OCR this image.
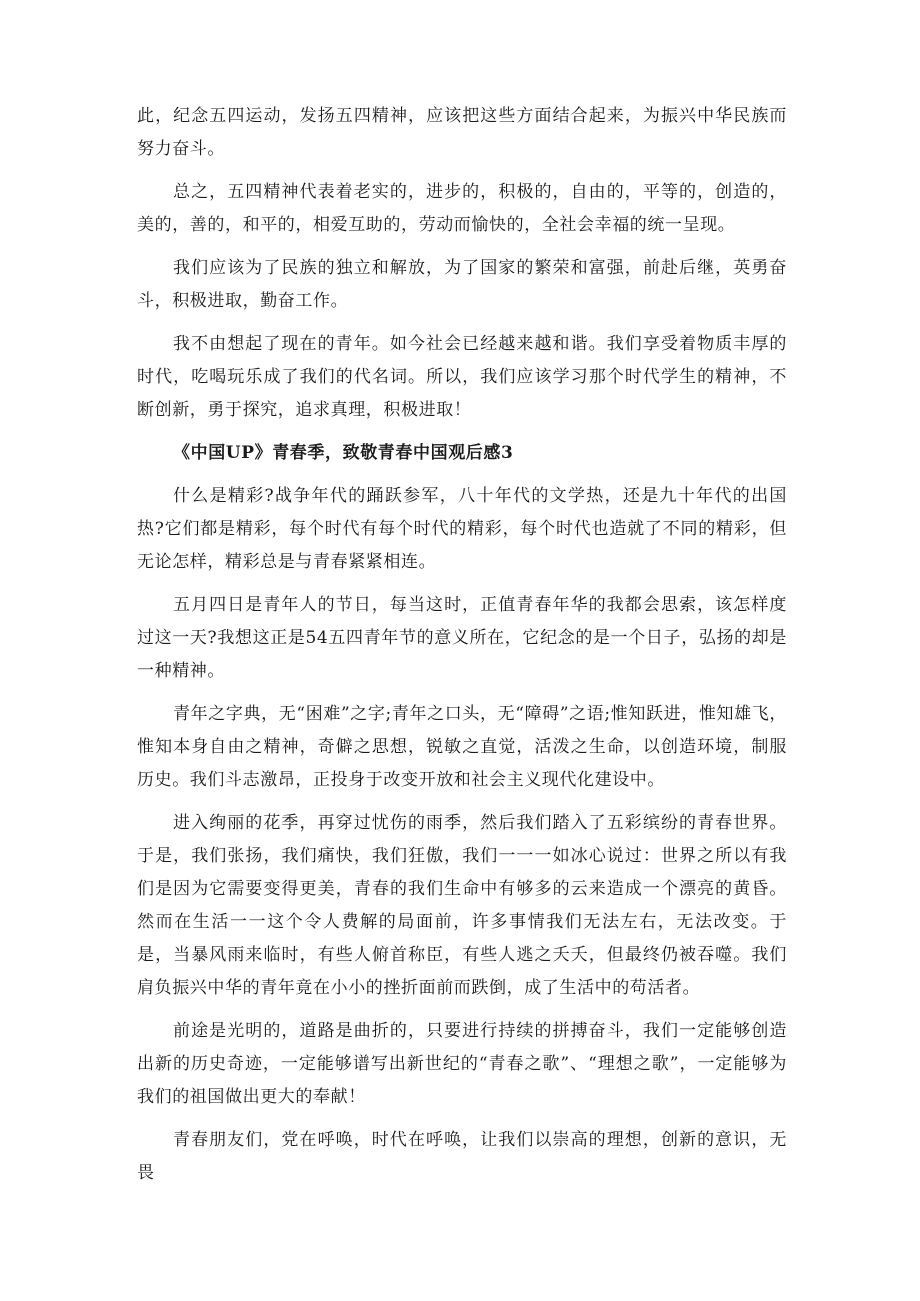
此，纪念五四运动，发扬五四精神，应该把这些方面结合起来，为振兴中华民族而努力奋斗。

总之，五四精神代表着老实的，进步的，积极的，自由的，平等的，创造的，美的，善的，和平的，相爱互助的，劳动而愉快的，全社会幸福的统一呈现。

我们应该为了民族的独立和解放，为了国家的繁荣和富强，前赴后继，英勇奋斗，积极进取，勤奋工作。

我不由想起了现在的青年。如今社会已经越来越和谐。我们享受着物质丰厚的时代，吃喝玩乐成了我们的代名词。所以，我们应该学习那个时代学生的精神，不断创新，勇于探究，追求真理，积极进取！

《中国UP》青春季，致敬青春中国观后感3

什么是精彩?战争年代的踊跃参军，八十年代的文学热，还是九十年代的出国热?它们都是精彩，每个时代有每个时代的精彩，每个时代也造就了不同的精彩，但无论怎样，精彩总是与青春紧紧相连。

五月四日是青年人的节日，每当这时，正值青春年华的我都会思索，该怎样度过这一天?我想这正是54五四青年节的意义所在，它纪念的是一个日子，弘扬的却是一种精神。

青年之字典，无“困难”之字;青年之口头，无“障碍”之语;惟知跃进，惟知雄飞，惟知本身自由之精神，奇僻之思想，锐敏之直觉，活泼之生命，以创造环境，制服历史。我们斗志激昂，正投身于改变开放和社会主义现代化建设中。

进入绚丽的花季，再穿过忧伤的雨季，然后我们踏入了五彩缤纷的青春世界。于是，我们张扬，我们痛快，我们狂傲，我们一一一如冰心说过：世界之所以有我们是因为它需要变得更美，青春的我们生命中有够多的云来造成一个漂亮的黄昏。然而在生活一一这个令人费解的局面前，许多事情我们无法左右，无法改变。于是，当暴风雨来临时，有些人俯首称臣，有些人逃之夭夭，但最终仍被吞噬。我们肩负振兴中华的青年竟在小小的挫折面前而跌倒，成了生活中的苟活者。

前途是光明的，道路是曲折的，只要进行持续的拼搏奋斗，我们一定能够创造出新的历史奇迹，一定能够谱写出新世纪的“青春之歌”、“理想之歌”，一定能够为我们的祖国做出更大的奉献！

青春朋友们，党在呼唤，时代在呼唤，让我们以崇高的理想，创新的意识，无畏
